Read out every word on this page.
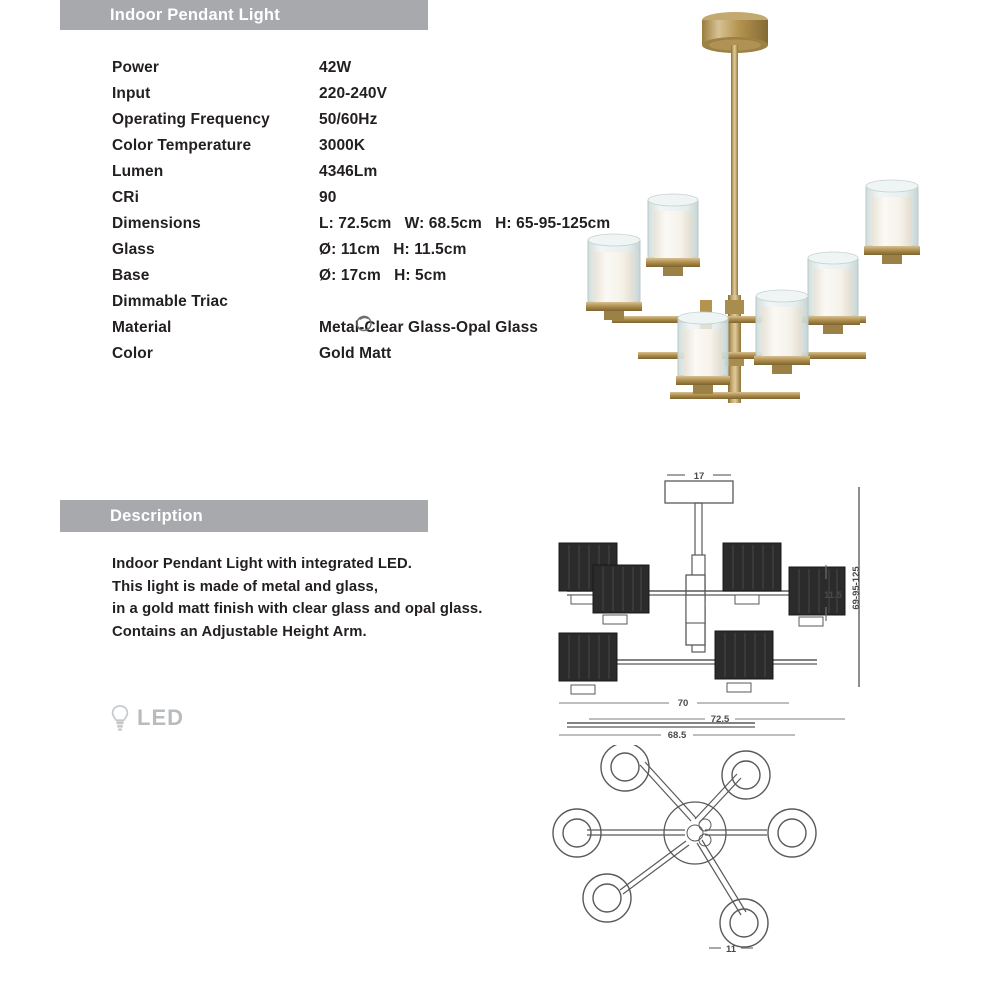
Indoor Pendant Light
Power	42W
Input	220-240V
Operating Frequency	50/60Hz
Color Temperature	3000K
Lumen	4346Lm
CRi	90
Dimensions	L: 72.5cm   W: 68.5cm   H: 65-95-125cm
Glass	Ø: 11cm   H: 11.5cm
Base	Ø: 17cm   H: 5cm
Dimmable Triac

Material	Metal-Clear Glass-Opal Glass
Color	Gold Matt
Description
Indoor Pendant Light with integrated LED.
This light is made of metal and glass,
in a gold matt finish with clear glass and opal glass.
Contains an Adjustable Height Arm.
LED
17
11.5
70
72.5
68.5
69-95-125
11
